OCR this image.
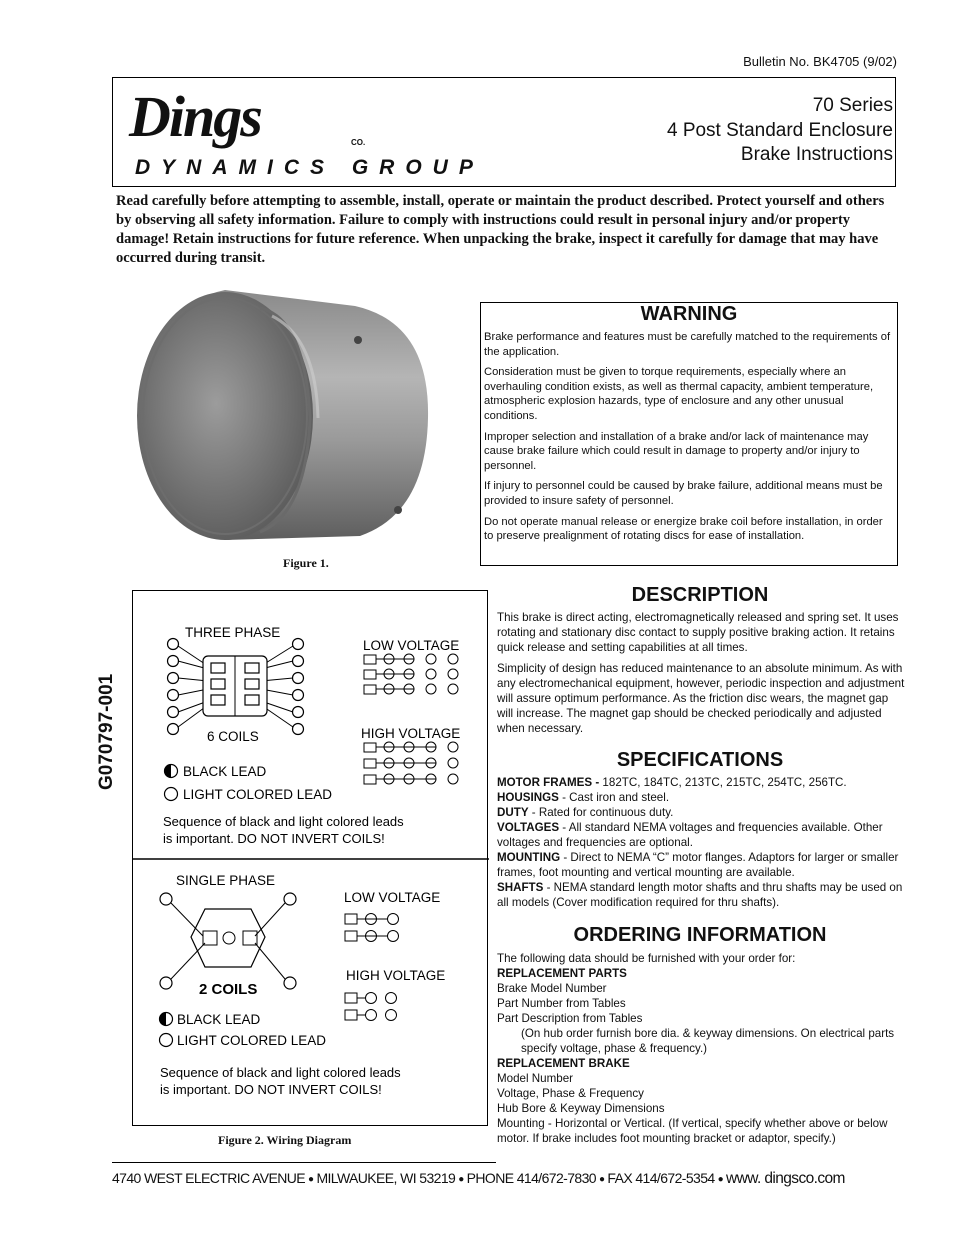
Bulletin No. BK4705 (9/02)
Dings	CO.
DYNAMICS GROUP
70 Series
4 Post Standard Enclosure
Brake Instructions
Read carefully before attempting to assemble, install, operate or maintain the product described. Protect yourself and others by observing all safety information. Failure to comply with instructions could result in personal injury and/or property damage! Retain instructions for future reference. When unpacking the brake, inspect it carefully for damage that may have occurred during transit.
Figure 1.
WARNING

Brake performance and features must be carefully matched to the requirements of the application.

Consideration must be given to torque requirements, especially where an overhauling condition exists, as well as thermal capacity, ambient temperature, atmospheric explosion hazards, type of enclosure and any other unusual conditions.

Improper selection and installation of a brake and/or lack of maintenance may cause brake failure which could result in damage to property and/or injury to personnel.

If injury to personnel could be caused by brake failure, additional means must be provided to insure safety of personnel.

Do not operate manual release or energize brake coil before installation, in order to preserve prealignment of rotating discs for ease of installation.

G070797-001
THREE PHASE
6 COILS
LOW VOLTAGE
HIGH VOLTAGE
BLACK LEAD
LIGHT COLORED LEAD
Sequence of black and light colored leads
is important. DO NOT INVERT COILS!
SINGLE PHASE
2 COILS
LOW VOLTAGE
HIGH VOLTAGE
BLACK LEAD
LIGHT COLORED LEAD
Sequence of black and light colored leads
is important. DO NOT INVERT COILS!
Figure 2. Wiring Diagram
DESCRIPTION

This brake is direct acting, electromagnetically released and spring set. It uses rotating and stationary disc contact to supply positive braking action. It retains quick release and setting capabilities at all times.

Simplicity of design has reduced maintenance to an absolute minimum. As with any electromechanical equipment, however, periodic inspection and adjustment will assure optimum performance. As the friction disc wears, the magnet gap will increase. The magnet gap should be checked periodically and adjusted when necessary.

SPECIFICATIONS
MOTOR FRAMES - 182TC, 184TC, 213TC, 215TC, 254TC, 256TC.
HOUSINGS - Cast iron and steel.
DUTY - Rated for continuous duty.
VOLTAGES - All standard NEMA voltages and frequencies available. Other voltages and frequencies are optional.
MOUNTING - Direct to NEMA “C” motor flanges. Adaptors for larger or smaller frames, foot mounting and vertical mounting are available.
SHAFTS - NEMA standard length motor shafts and thru shafts may be used on all models (Cover modification required for thru shafts).
ORDERING INFORMATION
The following data should be furnished with your order for:
REPLACEMENT PARTS
Brake Model Number
Part Number from Tables
Part Description from Tables
(On hub order furnish bore dia. & keyway dimensions. On electrical parts specify voltage, phase & frequency.)
REPLACEMENT BRAKE
Model Number
Voltage, Phase & Frequency
Hub Bore & Keyway Dimensions
Mounting - Horizontal or Vertical. (If vertical, specify whether above or below motor. If brake includes foot mounting bracket or adaptor, specify.)
4740 WEST ELECTRIC AVENUE ● MILWAUKEE, WI 53219 ● PHONE 414/672-7830 ● FAX 414/672-5354 ● www. dingsco.com
